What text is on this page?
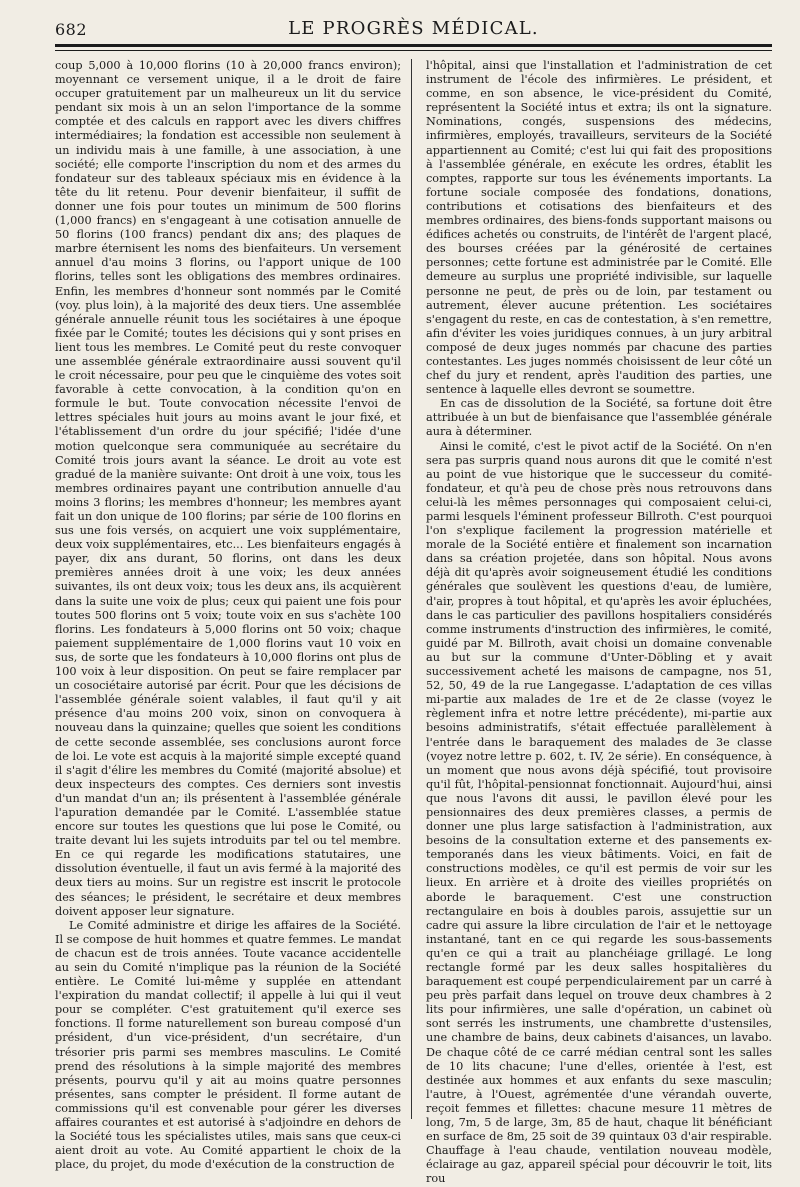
682	LE PROGRÈS MÉDICAL.

coup 5,000 à 10,000 florins (10 à 20,000 francs environ); moyennant ce versement unique, il a le droit de faire occuper gratuitement par un malheureux un lit du service pendant six mois à un an selon l'importance de la somme comptée et des calculs en rapport avec les divers chiffres intermédiaires; la fondation est accessible non seulement à un individu mais à une famille, à une association, à une société; elle comporte l'inscription du nom et des armes du fondateur sur des tableaux spéciaux mis en évidence à la tête du lit retenu. Pour devenir bienfaiteur, il suffit de donner une fois pour toutes un minimum de 500 florins (1,000 francs) en s'engageant à une cotisation annuelle de 50 florins (100 francs) pendant dix ans; des plaques de marbre éternisent les noms des bienfaiteurs. Un versement annuel d'au moins 3 florins, ou l'apport unique de 100 florins, telles sont les obligations des membres ordinaires. Enfin, les membres d'honneur sont nommés par le Comité (voy. plus loin), à la majorité des deux tiers. Une assemblée générale annuelle réunit tous les sociétaires à une époque fixée par le Comité; toutes les décisions qui y sont prises en lient tous les membres. Le Comité peut du reste convoquer une assemblée générale extraordinaire aussi souvent qu'il le croit nécessaire, pour peu que le cinquième des votes soit favorable à cette convocation, à la condition qu'on en formule le but. Toute convocation nécessite l'envoi de lettres spéciales huit jours au moins avant le jour fixé, et l'établissement d'un ordre du jour spécifié; l'idée d'une motion quelconque sera communiquée au secrétaire du Comité trois jours avant la séance. Le droit au vote est gradué de la manière suivante: Ont droit à une voix, tous les membres ordinaires payant une contribution annuelle d'au moins 3 florins; les membres d'honneur; les membres ayant fait un don unique de 100 florins; par série de 100 florins en sus une fois versés, on acquiert une voix supplémentaire, deux voix supplémentaires, etc... Les bienfaiteurs engagés à payer, dix ans durant, 50 florins, ont dans les deux premières années droit à une voix; les deux années suivantes, ils ont deux voix; tous les deux ans, ils acquièrent dans la suite une voix de plus; ceux qui paient une fois pour toutes 500 florins ont 5 voix; toute voix en sus s'achète 100 florins. Les fondateurs à 5,000 florins ont 50 voix; chaque paiement supplémentaire de 1,000 florins vaut 10 voix en sus, de sorte que les fondateurs à 10,000 florins ont plus de 100 voix à leur disposition. On peut se faire remplacer par un cosociétaire autorisé par écrit. Pour que les décisions de l'assemblée générale soient valables, il faut qu'il y ait présence d'au moins 200 voix, sinon on convoquera à nouveau dans la quinzaine; quelles que soient les conditions de cette seconde assemblée, ses conclusions auront force de loi. Le vote est acquis à la majorité simple excepté quand il s'agit d'élire les membres du Comité (majorité absolue) et deux inspecteurs des comptes. Ces derniers sont investis d'un mandat d'un an; ils présentent à l'assemblée générale l'apuration demandée par le Comité. L'assemblée statue encore sur toutes les questions que lui pose le Comité, ou traite devant lui les sujets introduits par tel ou tel membre. En ce qui regarde les modifications statutaires, une dissolution éventuelle, il faut un avis fermé à la majorité des deux tiers au moins. Sur un registre est inscrit le protocole des séances; le président, le secrétaire et deux membres doivent apposer leur signature.

Le Comité administre et dirige les affaires de la Société. Il se compose de huit hommes et quatre femmes. Le mandat de chacun est de trois années. Toute vacance accidentelle au sein du Comité n'implique pas la réunion de la Société entière. Le Comité lui-même y supplée en attendant l'expiration du mandat collectif; il appelle à lui qui il veut pour se compléter. C'est gratuitement qu'il exerce ses fonctions. Il forme naturellement son bureau composé d'un président, d'un vice-président, d'un secrétaire, d'un trésorier pris parmi ses membres masculins. Le Comité prend des résolutions à la simple majorité des membres présents, pourvu qu'il y ait au moins quatre personnes présentes, sans compter le président. Il forme autant de commissions qu'il est convenable pour gérer les diverses affaires courantes et est autorisé à s'adjoindre en dehors de la Société tous les spécialistes utiles, mais sans que ceux-ci aient droit au vote. Au Comité appartient le choix de la place, du projet, du mode d'exécution de la construction de

l'hôpital, ainsi que l'installation et l'administration de cet instrument de l'école des infirmières. Le président, et comme, en son absence, le vice-président du Comité, représentent la Société intus et extra; ils ont la signature. Nominations, congés, suspensions des médecins, infirmières, employés, travailleurs, serviteurs de la Société appartiennent au Comité; c'est lui qui fait des propositions à l'assemblée générale, en exécute les ordres, établit les comptes, rapporte sur tous les événements importants. La fortune sociale composée des fondations, donations, contributions et cotisations des bienfaiteurs et des membres ordinaires, des biens-fonds supportant maisons ou édifices achetés ou construits, de l'intérêt de l'argent placé, des bourses créées par la générosité de certaines personnes; cette fortune est administrée par le Comité. Elle demeure au surplus une propriété indivisible, sur laquelle personne ne peut, de près ou de loin, par testament ou autrement, élever aucune prétention. Les sociétaires s'engagent du reste, en cas de contestation, à s'en remettre, afin d'éviter les voies juridiques connues, à un jury arbitral composé de deux juges nommés par chacune des parties contestantes. Les juges nommés choisissent de leur côté un chef du jury et rendent, après l'audition des parties, une sentence à laquelle elles devront se soumettre.

En cas de dissolution de la Société, sa fortune doit être attribuée à un but de bienfaisance que l'assemblée générale aura à déterminer.

Ainsi le comité, c'est le pivot actif de la Société. On n'en sera pas surpris quand nous aurons dit que le comité n'est au point de vue historique que le successeur du comité-fondateur, et qu'à peu de chose près nous retrouvons dans celui-là les mêmes personnages qui composaient celui-ci, parmi lesquels l'éminent professeur Billroth. C'est pourquoi l'on s'explique facilement la progression matérielle et morale de la Société entière et finalement son incarnation dans sa création projetée, dans son hôpital. Nous avons déjà dit qu'après avoir soigneusement étudié les conditions générales que soulèvent les questions d'eau, de lumière, d'air, propres à tout hôpital, et qu'après les avoir épluchées, dans le cas particulier des pavillons hospitaliers considérés comme instruments d'instruction des infirmières, le comité, guidé par M. Billroth, avait choisi un domaine convenable au but sur la commune d'Unter-Döbling et y avait successivement acheté les maisons de campagne, nos 51, 52, 50, 49 de la rue Langegasse. L'adaptation de ces villas mi-partie aux malades de 1re et de 2e classe (voyez le règlement infra et notre lettre précédente), mi-partie aux besoins administratifs, s'était effectuée parallèlement à l'entrée dans le baraquement des malades de 3e classe (voyez notre lettre p. 602, t. IV, 2e série). En conséquence, à un moment que nous avons déjà spécifié, tout provisoire qu'il fût, l'hôpital-pensionnat fonctionnait. Aujourd'hui, ainsi que nous l'avons dit aussi, le pavillon élevé pour les pensionnaires des deux premières classes, a permis de donner une plus large satisfaction à l'administration, aux besoins de la consultation externe et des pansements ex-temporanés dans les vieux bâtiments. Voici, en fait de constructions modèles, ce qu'il est permis de voir sur les lieux. En arrière et à droite des vieilles propriétés on aborde le baraquement. C'est une construction rectangulaire en bois à doubles parois, assujettie sur un cadre qui assure la libre circulation de l'air et le nettoyage instantané, tant en ce qui regarde les sous-bassements qu'en ce qui a trait au planchéiage grillagé. Le long rectangle formé par les deux salles hospitalières du baraquement est coupé perpendiculairement par un carré à peu près parfait dans lequel on trouve deux chambres à 2 lits pour infirmières, une salle d'opération, un cabinet où sont serrés les instruments, une chambrette d'ustensiles, une chambre de bains, deux cabinets d'aisances, un lavabo. De chaque côté de ce carré médian central sont les salles de 10 lits chacune; l'une d'elles, orientée à l'est, est destinée aux hommes et aux enfants du sexe masculin; l'autre, à l'Ouest, agrémentée d'une vérandah ouverte, reçoit femmes et fillettes: chacune mesure 11 mètres de long, 7m, 5 de large, 3m, 85 de haut, chaque lit bénéficiant en surface de 8m, 25 soit de 39 quintaux 03 d'air respirable. Chauffage à l'eau chaude, ventilation nouveau modèle, éclairage au gaz, appareil spécial pour découvrir le toit, lits rou
